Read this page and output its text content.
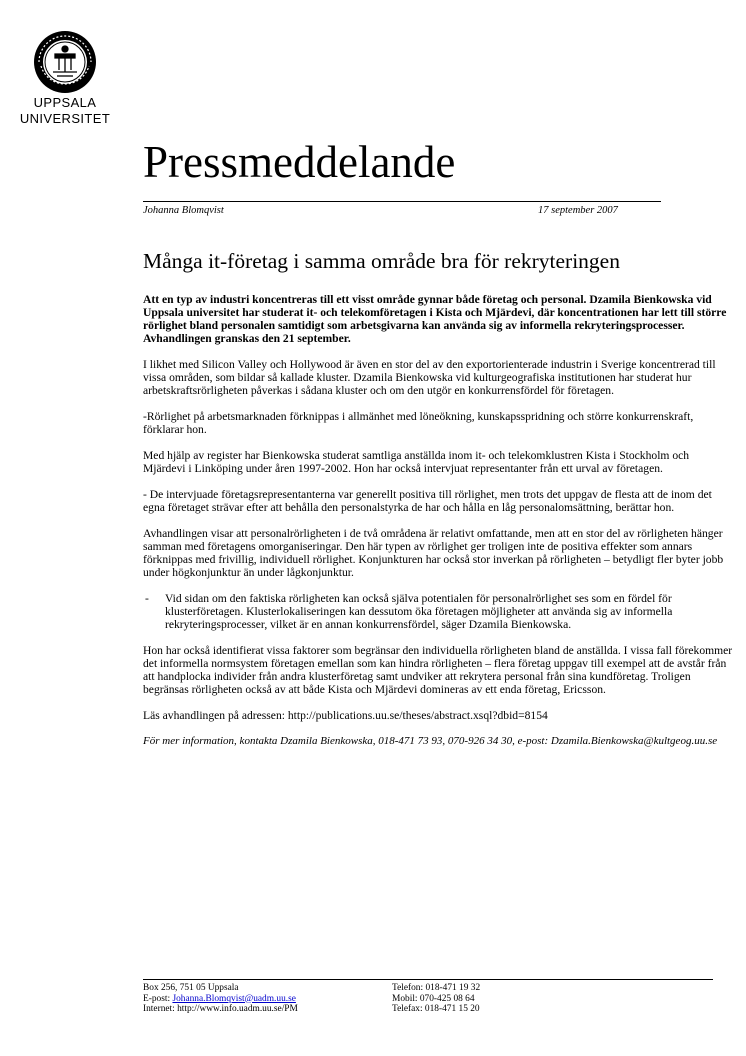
UPPSALA
UNIVERSITET
Pressmeddelande
Johanna Blomqvist	17 september 2007
Många it-företag i samma område bra för rekryteringen

Att en typ av industri koncentreras till ett visst område gynnar både företag och personal. Dzamila Bienkowska vid Uppsala universitet har studerat it- och telekomföretagen i Kista och Mjärdevi, där koncentrationen har lett till större rörlighet bland personalen samtidigt som arbetsgivarna kan använda sig av informella rekryteringsprocesser. Avhandlingen granskas den 21 september.

I likhet med Silicon Valley och Hollywood är även en stor del av den exportorienterade industrin i Sverige koncentrerad till vissa områden, som bildar så kallade kluster. Dzamila Bienkowska vid kulturgeografiska institutionen har studerat hur arbetskraftsrörligheten påverkas i sådana kluster och om den utgör en konkurrensfördel för företagen.

-Rörlighet på arbetsmarknaden förknippas i allmänhet med löneökning, kunskapsspridning och större konkurrenskraft, förklarar hon.

Med hjälp av register har Bienkowska studerat samtliga anställda inom it- och telekomklustren Kista i Stockholm och Mjärdevi i Linköping under åren 1997-2002. Hon har också intervjuat representanter från ett urval av företagen.

- De intervjuade företagsrepresentanterna var generellt positiva till rörlighet, men trots det uppgav de flesta att de inom det egna företaget strävar efter att behålla den personalstyrka de har och hålla en låg personalomsättning, berättar hon.

Avhandlingen visar att personalrörligheten i de två områdena är relativt omfattande, men att en stor del av rörligheten hänger samman med företagens omorganiseringar. Den här typen av rörlighet ger troligen inte de positiva effekter som annars förknippas med frivillig, individuell rörlighet. Konjunkturen har också stor inverkan på rörligheten – betydligt fler byter jobb under högkonjunktur än under lågkonjunktur.

-	Vid sidan om den faktiska rörligheten kan också själva potentialen för personalrörlighet ses som en fördel för klusterföretagen. Klusterlokaliseringen kan dessutom öka företagen möjligheter att använda sig av informella rekryteringsprocesser, vilket är en annan konkurrensfördel, säger Dzamila Bienkowska.

Hon har också identifierat vissa faktorer som begränsar den individuella rörligheten bland de anställda. I vissa fall förekommer det informella normsystem företagen emellan som kan hindra rörligheten – flera företag uppgav till exempel att de avstår från att handplocka individer från andra klusterföretag samt undviker att rekrytera personal från sina kundföretag. Troligen begränsas rörligheten också av att både Kista och Mjärdevi domineras av ett enda företag, Ericsson.

Läs avhandlingen på adressen: http://publications.uu.se/theses/abstract.xsql?dbid=8154

För mer information, kontakta Dzamila Bienkowska, 018-471 73 93, 070-926 34 30, e-post: Dzamila.Bienkowska@kultgeog.uu.se

Box 256, 751 05 Uppsala
E-post: Johanna.Blomqvist@uadm.uu.se
Internet: http://www.info.uadm.uu.se/PM
Telefon: 018-471 19 32
Mobil: 070-425 08 64
Telefax: 018-471 15 20
